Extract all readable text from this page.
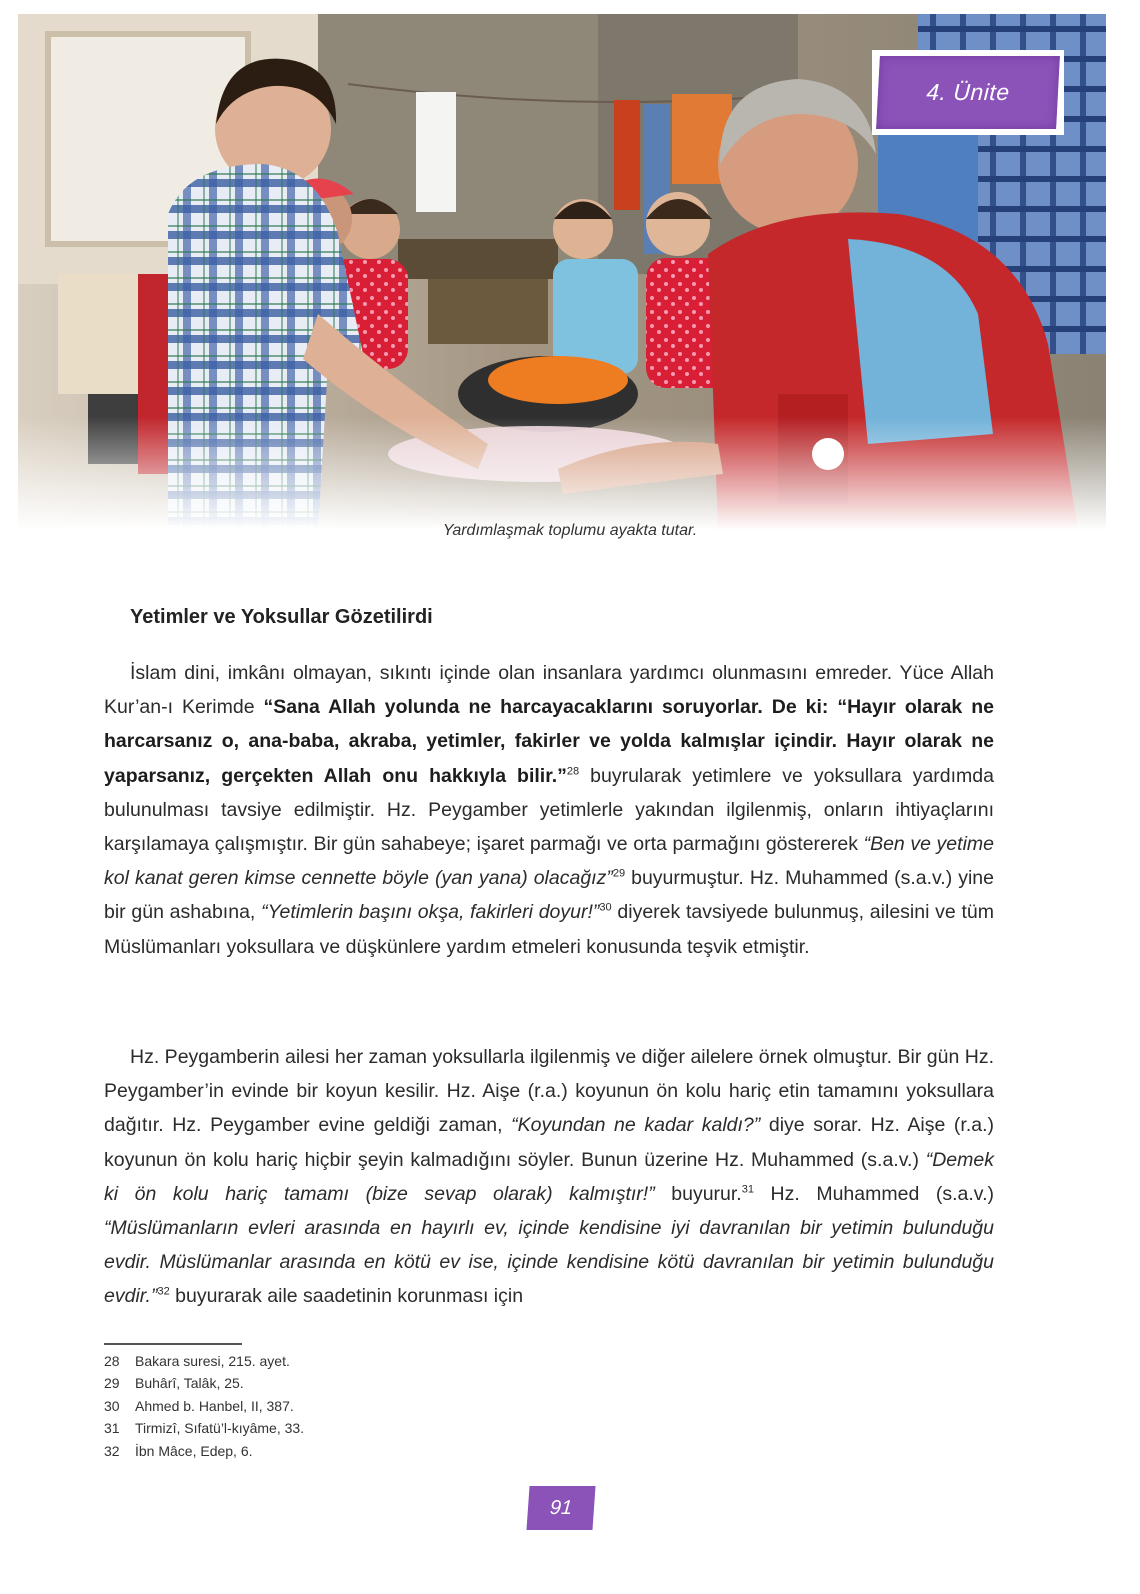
4. Ünite
Yardımlaşmak toplumu ayakta tutar.
Yetimler ve Yoksullar Gözetilirdi

İslam dini, imkânı olmayan, sıkıntı içinde olan insanlara yardımcı olunmasını emreder. Yüce Allah Kur’an-ı Kerimde “Sana Allah yolunda ne harcayacaklarını soruyorlar. De ki: “Hayır olarak ne harcarsanız o, ana-baba, akraba, yetimler, fakirler ve yolda kalmışlar içindir. Hayır olarak ne yaparsanız, gerçekten Allah onu hakkıyla bilir.”$^{28}$ buyrularak yetimlere ve yoksullara yardımda bulunulması tavsiye edilmiştir. Hz. Peygamber yetimlerle yakından ilgilenmiş, onların ihtiyaçlarını karşılamaya çalışmıştır. Bir gün sahabeye; işaret parmağı ve orta parmağını göstererek “Ben ve yetime kol kanat geren kimse cennette böyle (yan yana) olacağız”$^{29}$ buyurmuştur. Hz. Muhammed (s.a.v.) yine bir gün ashabına, “Yetimlerin başını okşa, fakirleri doyur!”$^{30}$ diyerek tavsiyede bulunmuş, ailesini ve tüm Müslümanları yoksullara ve düşkünlere yardım etmeleri konusunda teşvik etmiştir.

Hz. Peygamberin ailesi her zaman yoksullarla ilgilenmiş ve diğer ailelere örnek olmuştur. Bir gün Hz. Peygamber’in evinde bir koyun kesilir. Hz. Aişe (r.a.) koyunun ön kolu hariç etin tamamını yoksullara dağıtır. Hz. Peygamber evine geldiği zaman, “Koyundan ne kadar kaldı?” diye sorar. Hz. Aişe (r.a.) koyunun ön kolu hariç hiçbir şeyin kalmadığını söyler. Bunun üzerine Hz. Muhammed (s.a.v.) “Demek ki ön kolu hariç tamamı (bize sevap olarak) kalmıştır!” buyurur.$^{31}$ Hz. Muhammed (s.a.v.) “Müslümanların evleri arasında en hayırlı ev, içinde kendisine iyi davranılan bir yetimin bulunduğu evdir. Müslümanlar arasında en kötü ev ise, içinde kendisine kötü davranılan bir yetimin bulunduğu evdir.”$^{32}$ buyurarak aile saadetinin korunması için

28 Bakara suresi, 215. ayet.
29 Buhârî, Talâk, 25.
30 Ahmed b. Hanbel, II, 387.
31 Tirmizî, Sıfatü’l-kıyâme, 33.
32 İbn Mâce, Edep, 6.
91
